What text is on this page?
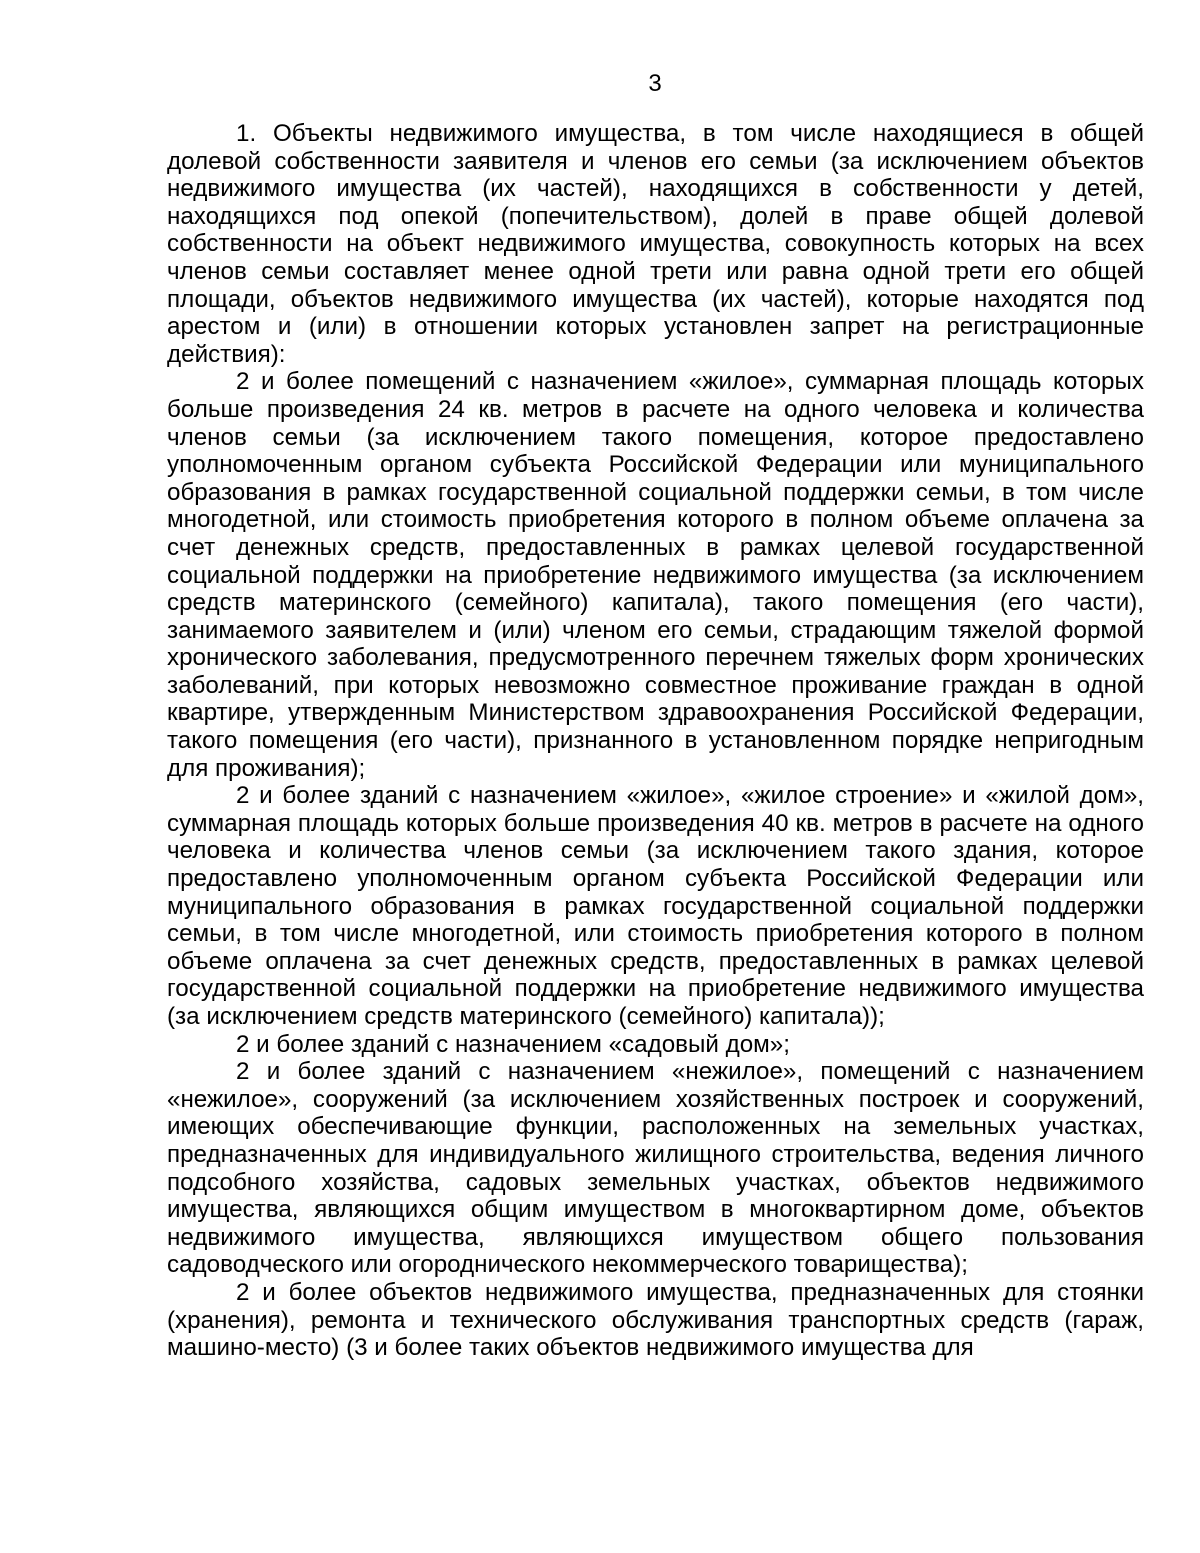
3

1. Объекты недвижимого имущества, в том числе находящиеся в общей долевой собственности заявителя и членов его семьи (за исключением объектов недвижимого имущества (их частей), находящихся в собственности у детей, находящихся под опекой (попечительством), долей в праве общей долевой собственности на объект недвижимого имущества, совокупность которых на всех членов семьи составляет менее одной трети или равна одной трети его общей площади, объектов недвижимого имущества (их частей), которые находятся под арестом и (или) в отношении которых установлен запрет на регистрационные действия):

2 и более помещений с назначением «жилое», суммарная площадь которых больше произведения 24 кв. метров в расчете на одного человека и количества членов семьи (за исключением такого помещения, которое предоставлено уполномоченным органом субъекта Российской Федерации или муниципального образования в рамках государственной социальной поддержки семьи, в том числе многодетной, или стоимость приобретения которого в полном объеме оплачена за счет денежных средств, предоставленных в рамках целевой государственной социальной поддержки на приобретение недвижимого имущества (за исключением средств материнского (семейного) капитала), такого помещения (его части), занимаемого заявителем и (или) членом его семьи, страдающим тяжелой формой хронического заболевания, предусмотренного перечнем тяжелых форм хронических заболеваний, при которых невозможно совместное проживание граждан в одной квартире, утвержденным Министерством здравоохранения Российской Федерации, такого помещения (его части), признанного в установленном порядке непригодным для проживания);

2 и более зданий с назначением «жилое», «жилое строение» и «жилой дом», суммарная площадь которых больше произведения 40 кв. метров в расчете на одного человека и количества членов семьи (за исключением такого здания, которое предоставлено уполномоченным органом субъекта Российской Федерации или муниципального образования в рамках государственной социальной поддержки семьи, в том числе многодетной, или стоимость приобретения которого в полном объеме оплачена за счет денежных средств, предоставленных в рамках целевой государственной социальной поддержки на приобретение недвижимого имущества (за исключением средств материнского (семейного) капитала));

2 и более зданий с назначением «садовый дом»;

2 и более зданий с назначением «нежилое», помещений с назначением «нежилое», сооружений (за исключением хозяйственных построек и сооружений, имеющих обеспечивающие функции, расположенных на земельных участках, предназначенных для индивидуального жилищного строительства, ведения личного подсобного хозяйства, садовых земельных участках, объектов недвижимого имущества, являющихся общим имуществом в многоквартирном доме, объектов недвижимого имущества, являющихся имуществом общего пользования садоводческого или огороднического некоммерческого товарищества);

2 и более объектов недвижимого имущества, предназначенных для стоянки (хранения), ремонта и технического обслуживания транспортных средств (гараж, машино-место) (3 и более таких объектов недвижимого имущества для
